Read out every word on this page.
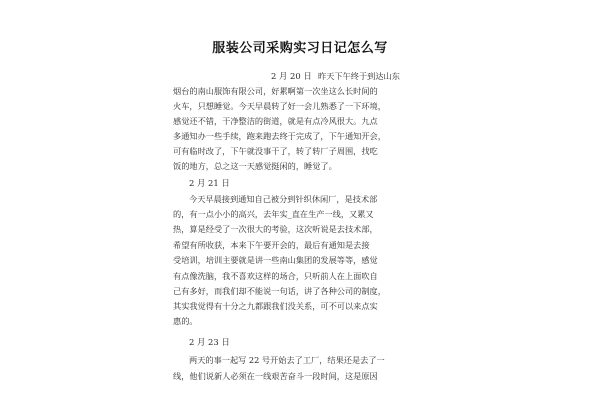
服装公司采购实习日记怎么写
2 月 20 日 昨天下午终于到达山东
烟台的南山服饰有限公司，好累啊第一次坐这么长时间的
火车，只想睡觉。今天早晨转了好一会儿熟悉了一下环境，
感觉还不错，干净整洁的街道，就是有点冷风很大。九点
多通知办一些手续，跑来跑去终于完成了，下午通知开会，
可有临时改了，下午就没事干了，转了转厂子周围，找吃
饭的地方，总之这一天感觉挺闲的，睡觉了。
2 月 21 日
今天早晨接到通知自己被分到针织休闲厂，是技术部
的，有一点小小的高兴，去年实_直在生产一线，又累又
热，算是经受了一次很大的考验，这次听说是去技术部，
希望有所收获，本来下午要开会的，最后有通知是去接
受培训，培训主要就是讲一些南山集团的发展等等，感觉
有点像洗脑，我不喜欢这样的场合，只听前人在上面吹自
己有多好，而我们却不能说一句话，讲了各种公司的制度，
其实我觉得有十分之九都跟我们没关系，可不可以来点实
惠的。
2 月 23 日
两天的事一起写 22 号开始去了工厂，结果还是去了一
线，他们说新人必须在一线艰苦奋斗一段时间，这是原因
